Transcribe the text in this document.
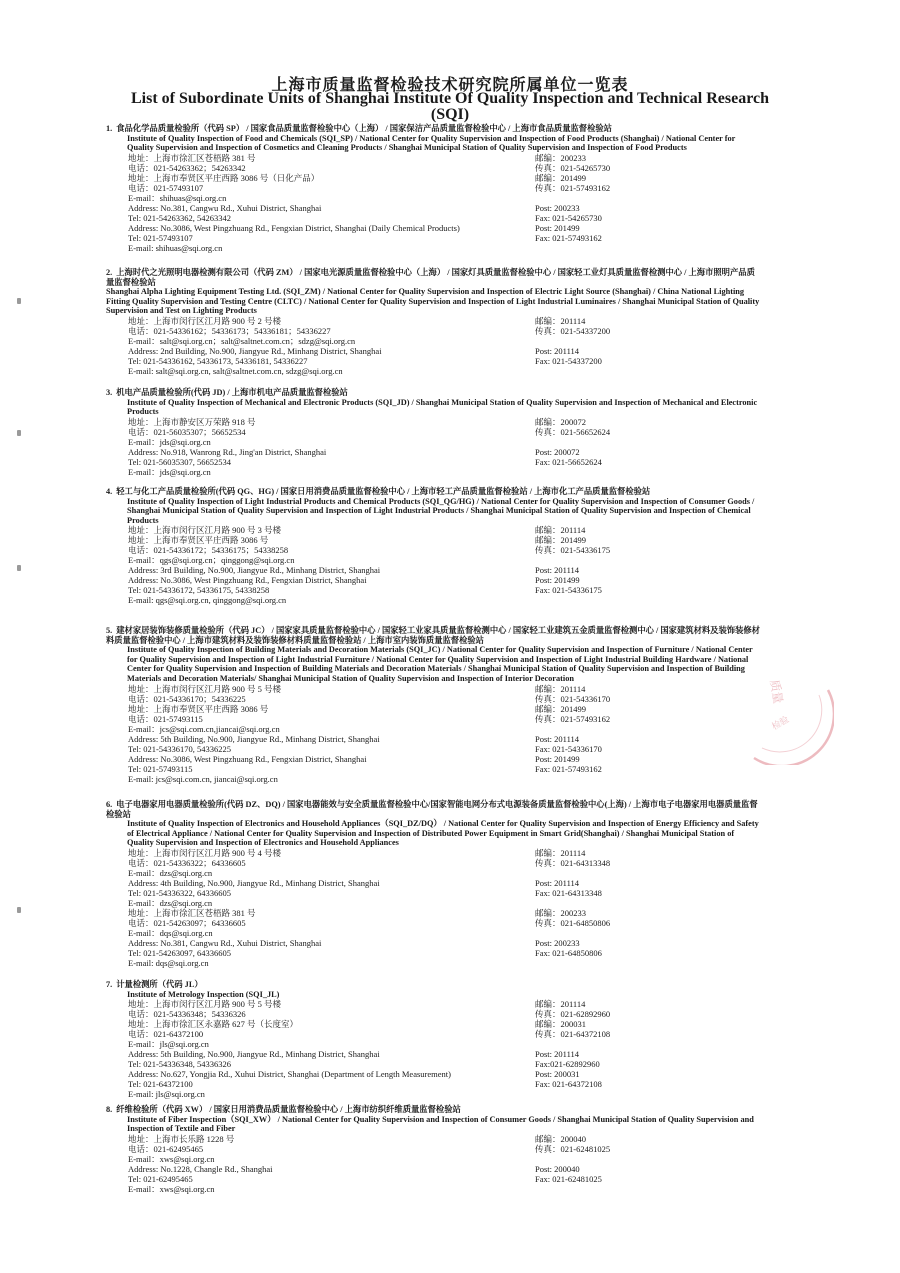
上海市质量监督检验技术研究院所属单位一览表
List of Subordinate Units of Shanghai Institute Of Quality Inspection and Technical Research (SQI)

1. 食品化学品质量检验所（代码 SP） / 国家食品质量监督检验中心（上海） / 国家保洁产品质量监督检验中心 / 上海市食品质量监督检验站

Institute of Quality Inspection of Food and Chemicals (SQI_SP) / National Center for Quality Supervision and Inspection of Food Products (Shanghai) / National Center for Quality Supervision and Inspection of Cosmetics and Cleaning Products / Shanghai Municipal Station of Quality Supervision and Inspection of Food Products

地址：上海市徐汇区苍梧路 381 号	邮编：200233
电话：021-54263362；54263342	传真：021-54265730
地址：上海市奉贤区平庄西路 3086 号（日化产品）	邮编：201499
电话：021-57493107	传真：021-57493162
E-mail：shihuas@sqi.org.cn
Address: No.381, Cangwu Rd., Xuhui District, Shanghai	Post: 200233
Tel: 021-54263362, 54263342	Fax: 021-54265730
Address: No.3086, West Pingzhuang Rd., Fengxian District, Shanghai (Daily Chemical Products)	Post: 201499
Tel: 021-57493107	Fax: 021-57493162
E-mail: shihuas@sqi.org.cn

2. 上海时代之光照明电器检测有限公司（代码 ZM） / 国家电光源质量监督检验中心（上海） / 国家灯具质量监督检验中心 / 国家轻工业灯具质量监督检测中心 / 上海市照明产品质量监督检验站

Shanghai Alpha Lighting Equipment Testing Ltd. (SQI_ZM) / National Center for Quality Supervision and Inspection of Electric Light Source (Shanghai) / China National Lighting Fitting Quality Supervision and Testing Centre (CLTC) / National Center for Quality Supervision and Inspection of Light Industrial Luminaires / Shanghai Municipal Station of Quality Supervision and Test on Lighting Products

地址：上海市闵行区江月路 900 号 2 号楼	邮编：201114
电话：021-54336162；54336173；54336181；54336227	传真：021-54337200
E-mail：salt@sqi.org.cn；salt@saltnet.com.cn；sdzg@sqi.org.cn
Address: 2nd Building, No.900, Jiangyue Rd., Minhang District, Shanghai	Post: 201114
Tel: 021-54336162, 54336173, 54336181, 54336227	Fax: 021-54337200
E-mail: salt@sqi.org.cn, salt@saltnet.com.cn, sdzg@sqi.org.cn

3. 机电产品质量检验所(代码 JD) / 上海市机电产品质量监督检验站

Institute of Quality Inspection of Mechanical and Electronic Products (SQI_JD) / Shanghai Municipal Station of Quality Supervision and Inspection of Mechanical and Electronic Products

地址：上海市静安区万荣路 918 号	邮编：200072
电话：021-56035307；56652534	传真：021-56652624
E-mail：jds@sqi.org.cn
Address: No.918, Wanrong Rd., Jing'an District, Shanghai	Post: 200072
Tel: 021-56035307, 56652534	Fax: 021-56652624
E-mail：jds@sqi.org.cn

4. 轻工与化工产品质量检验所(代码 QG、HG) / 国家日用消费品质量监督检验中心 / 上海市轻工产品质量监督检验站 / 上海市化工产品质量监督检验站

Institute of Quality Inspection of Light Industrial Products and Chemical Products (SQI_QG/HG) / National Center for Quality Supervision and Inspection of Consumer Goods / Shanghai Municipal Station of Quality Supervision and Inspection of Light Industrial Products / Shanghai Municipal Station of Quality Supervision and Inspection of Chemical Products

地址：上海市闵行区江月路 900 号 3 号楼	邮编：201114
地址：上海市奉贤区平庄西路 3086 号	邮编：201499
电话：021-54336172；54336175；54338258	传真：021-54336175
E-mail：qgs@sqi.org.cn；qinggong@sqi.org.cn
Address: 3rd Building, No.900, Jiangyue Rd., Minhang District, Shanghai	Post: 201114
Address: No.3086, West Pingzhuang Rd., Fengxian District, Shanghai	Post: 201499
Tel: 021-54336172, 54336175, 54338258	Fax: 021-54336175
E-mail: qgs@sqi.org.cn, qinggong@sqi.org.cn

5. 建材家居装饰装修质量检验所（代码 JC） / 国家家具质量监督检验中心 / 国家轻工业家具质量监督检测中心 / 国家轻工业建筑五金质量监督检测中心 / 国家建筑材料及装饰装修材料质量监督检验中心 / 上海市建筑材料及装饰装修材料质量监督检验站 / 上海市室内装饰质量监督检验站

Institute of Quality Inspection of Building Materials and Decoration Materials (SQI_JC) / National Center for Quality Supervision and Inspection of Furniture / National Center for Quality Supervision and Inspection of Light Industrial Furniture / National Center for Quality Supervision and Inspection of Light Industrial Building Hardware / National Center for Quality Supervision and Inspection of Building Materials and Decoration Materials / Shanghai Municipal Station of Quality Supervision and Inspection of Building Materials and Decoration Materials/ Shanghai Municipal Station of Quality Supervision and Inspection of Interior Decoration

地址：上海市闵行区江月路 900 号 5 号楼	邮编：201114
电话：021-54336170；54336225	传真：021-54336170
地址：上海市奉贤区平庄西路 3086 号	邮编：201499
电话：021-57493115	传真：021-57493162
E-mail：jcs@sqi.com.cn,jiancai@sqi.org.cn
Address: 5th Building, No.900, Jiangyue Rd., Minhang District, Shanghai	Post: 201114
Tel: 021-54336170, 54336225	Fax: 021-54336170
Address: No.3086, West Pingzhuang Rd., Fengxian District, Shanghai	Post: 201499
Tel: 021-57493115	Fax: 021-57493162
E-mail: jcs@sqi.com.cn, jiancai@sqi.org.cn

6. 电子电器家用电器质量检验所(代码 DZ、DQ) / 国家电器能效与安全质量监督检验中心/国家智能电网分布式电源装备质量监督检验中心(上海) / 上海市电子电器家用电器质量监督检验站

Institute of Quality Inspection of Electronics and Household Appliances（SQI_DZ/DQ） / National Center for Quality Supervision and Inspection of Energy Efficiency and Safety of Electrical Appliance / National Center for Quality Supervision and Inspection of Distributed Power Equipment in Smart Grid(Shanghai) / Shanghai Municipal Station of Quality Supervision and Inspection of Electronics and Household Appliances

地址：上海市闵行区江月路 900 号 4 号楼	邮编：201114
电话：021-54336322；64336605	传真：021-64313348
E-mail：dzs@sqi.org.cn
Address: 4th Building, No.900, Jiangyue Rd., Minhang District, Shanghai	Post: 201114
Tel: 021-54336322, 64336605	Fax: 021-64313348
E-mail：dzs@sqi.org.cn
地址：上海市徐汇区苍梧路 381 号	邮编：200233
电话：021-54263097；64336605	传真：021-64850806
E-mail：dqs@sqi.org.cn
Address: No.381, Cangwu Rd., Xuhui District, Shanghai	Post: 200233
Tel: 021-54263097, 64336605	Fax: 021-64850806
E-mail: dqs@sqi.org.cn

7. 计量检测所（代码 JL）

Institute of Metrology Inspection (SQI_JL)

地址：上海市闵行区江月路 900 号 5 号楼	邮编：201114
电话：021-54336348；54336326	传真：021-62892960
地址：上海市徐汇区永嘉路 627 号（长度室）	邮编：200031
电话：021-64372100	传真：021-64372108
E-mail：jls@sqi.org.cn
Address: 5th Building, No.900, Jiangyue Rd., Minhang District, Shanghai	Post: 201114
Tel: 021-54336348, 54336326	Fax:021-62892960
Address: No.627, Yongjia Rd., Xuhui District, Shanghai (Department of Length Measurement)	Post: 200031
Tel: 021-64372100	Fax: 021-64372108
E-mail: jls@sqi.org.cn

8. 纤维检验所（代码 XW） / 国家日用消费品质量监督检验中心 / 上海市纺织纤维质量监督检验站

Institute of Fiber Inspection（SQI_XW） / National Center for Quality Supervision and Inspection of Consumer Goods / Shanghai Municipal Station of Quality Supervision and Inspection of Textile and Fiber

地址：上海市长乐路 1228 号	邮编：200040
电话：021-62495465	传真：021-62481025
E-mail：xws@sqi.org.cn
Address: No.1228, Changle Rd., Shanghai	Post: 200040
Tel: 021-62495465	Fax: 021-62481025
E-mail：xws@sqi.org.cn
质量
检验
